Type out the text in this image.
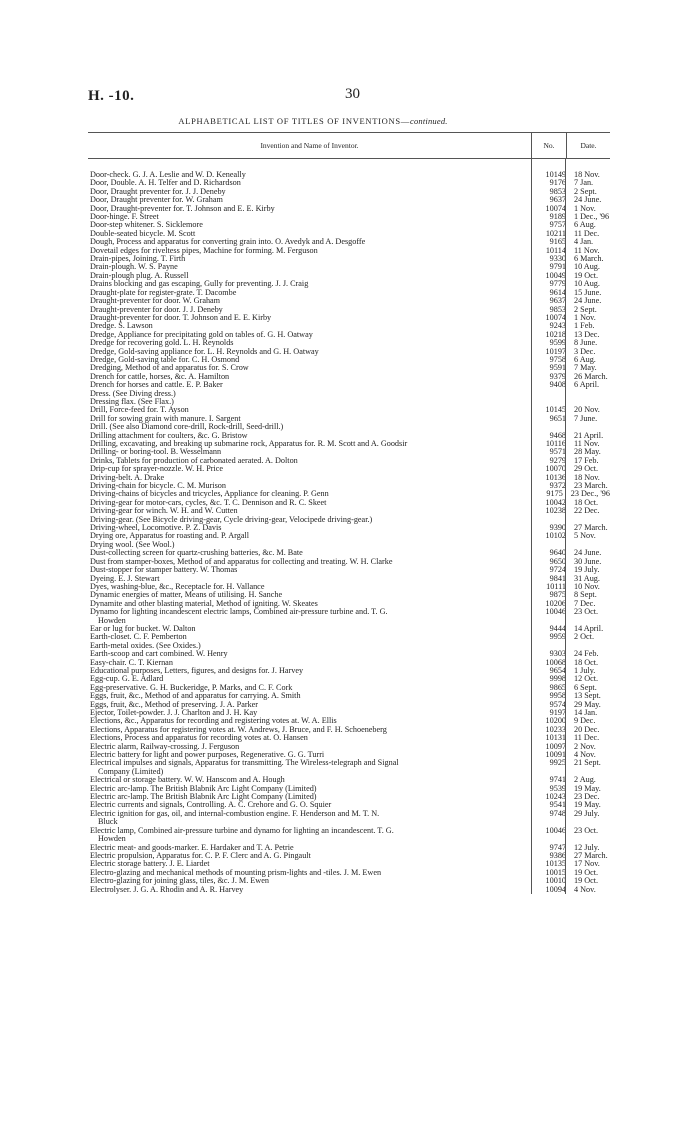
H. -10.	30
ALPHABETICAL LIST OF TITLES OF INVENTIONS—continued.
Invention and Name of Inventor.	No.	Date.
Door-check. G. J. A. Leslie and W. D. Keneally	10149 18 Nov.
Door, Double. A. H. Telfer and D. Richardson	9176 7 Jan.
Door, Draught preventer for. J. J. Deneby	9853 2 Sept.
Door, Draught preventer for. W. Graham	9637 24 June.
Door, Draught-preventer for. T. Johnson and E. E. Kirby	10074 1 Nov.
Door-hinge. F. Street	9189 1 Dec., '96
Door-step whitener. S. Sicklemore	9757 6 Aug.
Double-seated bicycle. M. Scott	10211 11 Dec.
Dough, Process and apparatus for converting grain into. O. Avedyk and A. Desgoffe	9165 4 Jan.
Dovetail edges for riveltess pipes, Machine for forming. M. Ferguson	10114 11 Nov.
Drain-pipes, Joining. T. Firth	9330 6 March.
Drain-plough. W. S. Payne	9791 10 Aug.
Drain-plough plug. A. Russell	10049 19 Oct.
Drains blocking and gas escaping, Gully for preventing. J. J. Craig	9779 10 Aug.
Draught-plate for register-grate. T. Dacombe	9614 15 June.
Draught-preventer for door. W. Graham	9637 24 June.
Draught-preventer for door. J. J. Deneby	9853 2 Sept.
Draught-preventer for door. T. Johnson and E. E. Kirby	10074 1 Nov.
Dredge. S. Lawson	9243 1 Feb.
Dredge, Appliance for precipitating gold on tables of. G. H. Oatway	10218 13 Dec.
Dredge for recovering gold. L. H. Reynolds	9599 8 June.
Dredge, Gold-saving appliance for. L. H. Reynolds and G. H. Oatway	10197 3 Dec.
Dredge, Gold-saving table for. C. H. Osmond	9758 6 Aug.
Dredging, Method of and apparatus for. S. Crow	9591 7 May.
Drench for cattle, horses, &c. A. Hamilton	9379 26 March.
Drench for horses and cattle. E. P. Baker	9408 6 April.
Dress. (See Diving dress.)
Dressing flax. (See Flax.)
Drill, Force-feed for. T. Ayson	10145 20 Nov.
Drill for sowing grain with manure. I. Sargent	9651 7 June.
Drill. (See also Diamond core-drill, Rock-drill, Seed-drill.)
Drilling attachment for coulters, &c. G. Bristow	9468 21 April.
Drilling, excavating, and breaking up submarine rock, Apparatus for. R. M. Scott and A. Goodsir	10116 11 Nov.
Drilling- or boring-tool. B. Wesselmann	9571 28 May.
Drinks, Tablets for production of carbonated aerated. A. Dolton	9279 17 Feb.
Drip-cup for sprayer-nozzle. W. H. Price	10070 29 Oct.
Driving-belt. A. Drake	10136 18 Nov.
Driving-chain for bicycle. C. M. Murison	9372 23 March.
Driving-chains of bicycles and tricycles, Appliance for cleaning. P. Genn	9175 23 Dec., '96
Driving-gear for motor-cars, cycles, &c. T. C. Dennison and R. C. Skeet	10042 18 Oct.
Driving-gear for winch. W. H. and W. Cutten	10238 22 Dec.
Driving-gear. (See Bicycle driving-gear, Cycle driving-gear, Velocipede driving-gear.)
Driving-wheel, Locomotive. P. Z. Davis	9390 27 March.
Drying ore, Apparatus for roasting and. P. Argall	10102 5 Nov.
Drying wool. (See Wool.)
Dust-collecting screen for quartz-crushing batteries, &c. M. Bate	9640 24 June.
Dust from stamper-boxes, Method of and apparatus for collecting and treating. W. H. Clarke	9650 30 June.
Dust-stopper for stamper battery. W. Thomas	9724 19 July.
Dyeing. E. J. Stewart	9841 31 Aug.
Dyes, washing-blue, &c., Receptacle for. H. Vallance	10111 10 Nov.
Dynamic energies of matter, Means of utilising. H. Sanche	9875 8 Sept.
Dynamite and other blasting material, Method of igniting. W. Skeates	10206 7 Dec.
Dynamo for lighting incandescent electric lamps, Combined air-pressure turbine and. T. G.	10046 23 Oct.
Howden
Ear or lug for bucket. W. Dalton	9444 14 April.
Earth-closet. C. F. Pemberton	9959 2 Oct.
Earth-metal oxides. (See Oxides.)
Earth-scoop and cart combined. W. Henry	9303 24 Feb.
Easy-chair. C. T. Kiernan	10068 18 Oct.
Educational purposes, Letters, figures, and designs for. J. Harvey	9654 1 July.
Egg-cup. G. E. Adlard	9998 12 Oct.
Egg-preservative. G. H. Buckeridge, P. Marks, and C. F. Cork	9865 6 Sept.
Eggs, fruit, &c., Method of and apparatus for carrying. A. Smith	9958 13 Sept.
Eggs, fruit, &c., Method of preserving. J. A. Parker	9574 29 May.
Ejector, Toilet-powder. J. J. Charlton and J. H. Kay	9197 14 Jan.
Elections, &c., Apparatus for recording and registering votes at. W. A. Ellis	10200 9 Dec.
Elections, Apparatus for registering votes at. W. Andrews, J. Bruce, and F. H. Schoeneberg	10233 20 Dec.
Elections, Process and apparatus for recording votes at. O. Hansen	10131 11 Dec.
Electric alarm, Railway-crossing. J. Ferguson	10097 2 Nov.
Electric battery for light and power purposes, Regenerative. G. G. Turri	10091 4 Nov.
Electrical impulses and signals, Apparatus for transmitting. The Wireless-telegraph and Signal	9925 21 Sept.
Company (Limited)
Electrical or storage battery. W. W. Hanscom and A. Hough	9741 2 Aug.
Electric arc-lamp. The British Blabnik Arc Light Company (Limited)	9539 19 May.
Electric arc-lamp. The British Blabnik Arc Light Company (Limited)	10243 23 Dec.
Electric currents and signals, Controlling. A. C. Crehore and G. O. Squier	9541 19 May.
Electric ignition for gas, oil, and internal-combustion engine. F. Henderson and M. T. N.	9748 29 July.
Bluck
Electric lamp, Combined air-pressure turbine and dynamo for lighting an incandescent. T. G.	10046 23 Oct.
Howden
Electric meat- and goods-marker. E. Hardaker and T. A. Petrie	9747 12 July.
Electric propulsion, Apparatus for. C. P. F. Clerc and A. G. Pingault	9386 27 March.
Electric storage battery. J. E. Liardet	10135 17 Nov.
Electro-glazing and mechanical methods of mounting prism-lights and -tiles. J. M. Ewen	10015 19 Oct.
Electro-glazing for joining glass, tiles, &c. J. M. Ewen	10010 19 Oct.
Electrolyser. J. G. A. Rhodin and A. R. Harvey	10094 4 Nov.
